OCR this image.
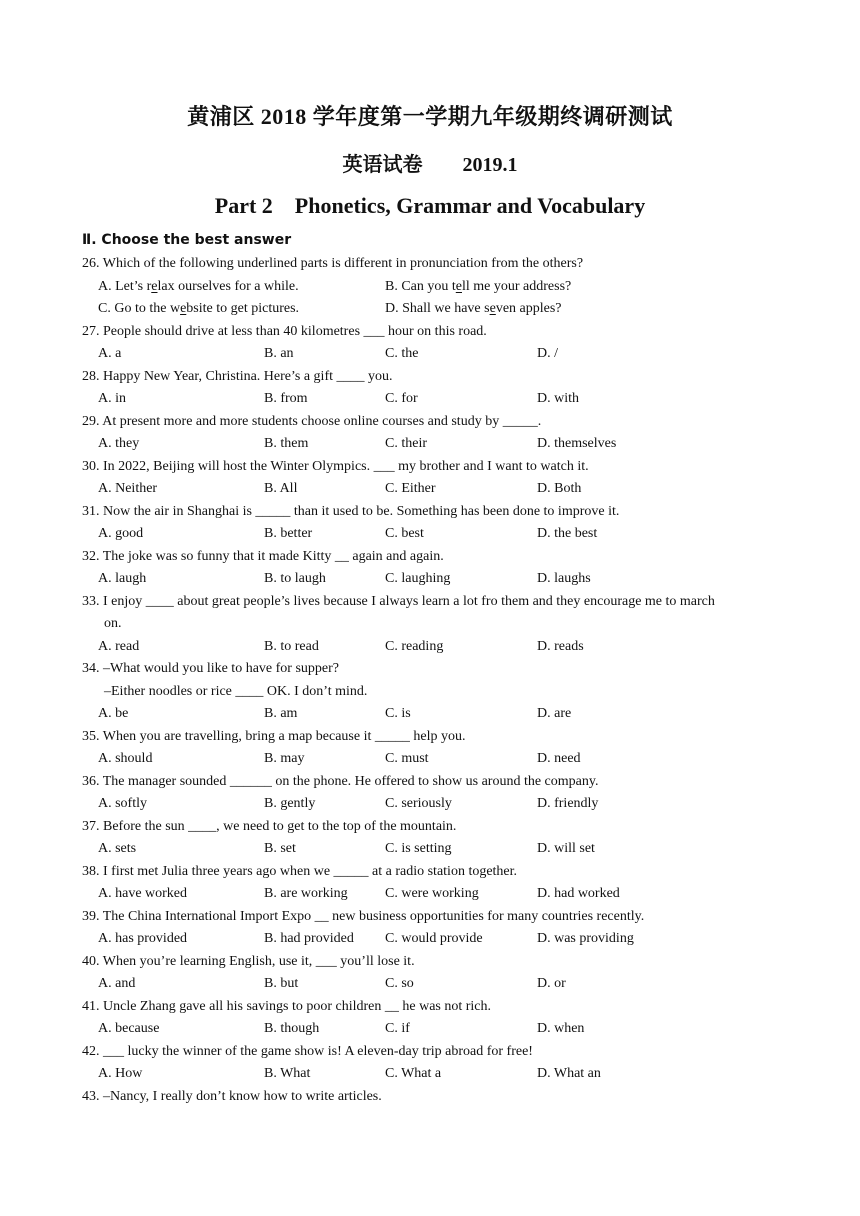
黄浦区 2018 学年度第一学期九年级期终调研测试
英语试卷 2019.1
Part 2    Phonetics, Grammar and Vocabulary
Ⅱ. Choose the best answer
26. Which of the following underlined parts is different in pronunciation from the others?
A. Let’s relax ourselves for a while.	B. Can you tell me your address?
C. Go to the website to get pictures.	D. Shall we have seven apples?
27. People should drive at less than 40 kilometres ___ hour on this road.
A. a	B. an	C. the	D. /
28. Happy New Year, Christina. Here’s a gift ____ you.
A. in	B. from	C. for	D. with
29. At present more and more students choose online courses and study by _____.
A. they	B. them	C. their	D. themselves
30. In 2022, Beijing will host the Winter Olympics. ___ my brother and I want to watch it.
A. Neither	B. All	C. Either	D. Both
31. Now the air in Shanghai is _____ than it used to be. Something has been done to improve it.
A. good	B. better	C. best	D. the best
32. The joke was so funny that it made Kitty __ again and again.
A. laugh	B. to laugh	C. laughing	D. laughs
33. I enjoy ____ about great people’s lives because I always learn a lot fro them and they encourage me to march
on.
A. read	B. to read	C. reading	D. reads
34. –What would you like to have for supper?
–Either noodles or rice ____ OK. I don’t mind.
A. be	B. am	C. is	D. are
35. When you are travelling, bring a map because it _____ help you.
A. should	B. may	C. must	D. need
36. The manager sounded ______ on the phone. He offered to show us around the company.
A. softly	B. gently	C. seriously	D. friendly
37. Before the sun ____, we need to get to the top of the mountain.
A. sets	B. set	C. is setting	D. will set
38. I first met Julia three years ago when we _____ at a radio station together.
A. have worked	B. are working	C. were working	D. had worked
39. The China International Import Expo __ new business opportunities for many countries recently.
A. has provided	B. had provided C. would provide	D. was providing
40. When you’re learning English, use it, ___ you’ll lose it.
A. and	B. but	C. so	D. or
41. Uncle Zhang gave all his savings to poor children __ he was not rich.
A. because	B. though	C. if	D. when
42. ___ lucky the winner of the game show is! A eleven-day trip abroad for free!
A. How	B. What	C. What a	D. What an
43. –Nancy, I really don’t know how to write articles.
